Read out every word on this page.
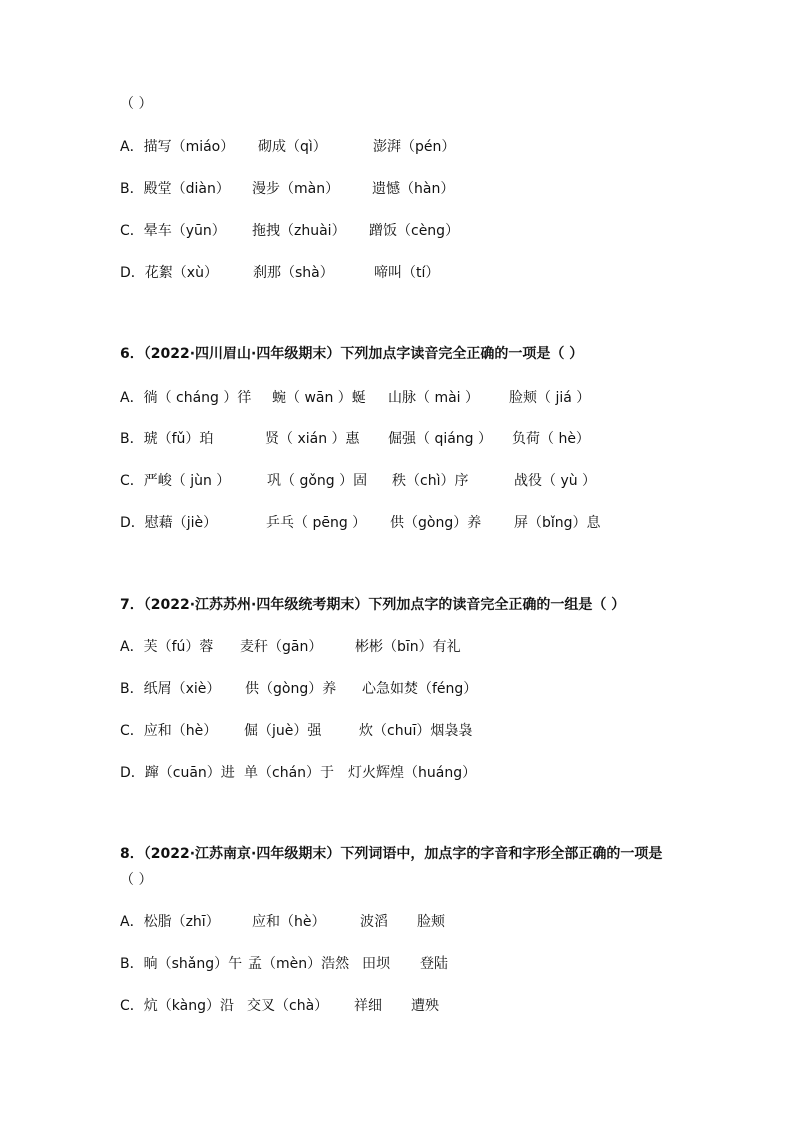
（ ）
A．描写（miáo） 砌成（qì）	澎湃（pén）
B．殿堂（diàn） 漫步（màn） 遗憾（hàn）
C．晕车（yūn） 拖拽（zhuài） 蹭饭（cèng）
D．花絮（xù）	刹那（shà）	啼叫（tí）
6．（2022·四川眉山·四年级期末）下列加点字读音完全正确的一项是（ ）
A．徜（ cháng ）徉 蜿（ wān ）蜒 山脉（ mài ） 脸颊（ jiá ）
B．琥（fǔ）珀	贤（ xián ）惠 倔强（ qiáng ） 负荷（ hè）
C．严峻（ jùn ）	巩（ gǒng ）固 秩（chì）序	战役（ yù ）
D．慰藉（jiè）	乒乓（ pēng ） 供（gòng）养 屏（bǐng）息
7．（2022·江苏苏州·四年级统考期末）下列加点字的读音完全正确的一组是（ ）
A．芙（fú）蓉 麦秆（gān） 彬彬（bīn）有礼
B．纸屑（xiè） 供（gòng）养 心急如焚（féng）
C．应和（hè） 倔（juè）强	炊（chuī）烟袅袅
D．蹿（cuān）进 单（chán）于 灯火辉煌（huáng）
8．（2022·江苏南京·四年级期末）下列词语中，加点字的字音和字形全部正确的一项是
（ ）
A．松脂（zhī） 应和（hè） 波滔 脸颊
B．晌（shǎng）午 孟（mèn）浩然 田坝 登陆
C．炕（kàng）沿 交叉（chà） 祥细 遭殃
